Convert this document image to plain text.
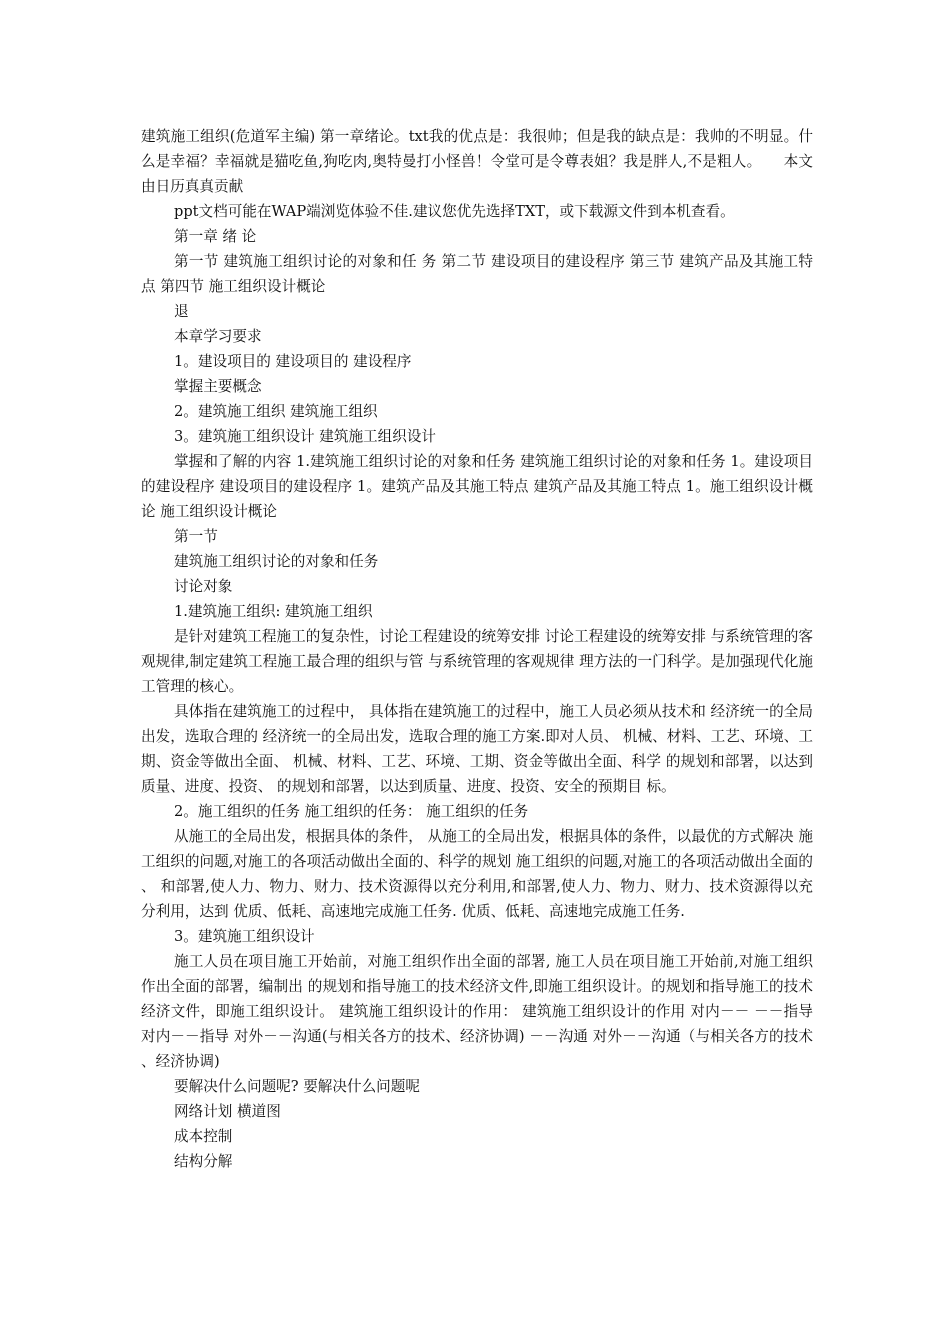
建筑施工组织(危道军主编) 第一章绪论。txt我的优点是：我很帅；但是我的缺点是：我帅的不明显。什么是幸福？幸福就是猫吃鱼,狗吃肉,奥特曼打小怪兽！令堂可是令尊表姐？我是胖人,不是粗人。　　本文由日历真真贡献

ppt文档可能在WAP端浏览体验不佳.建议您优先选择TXT，或下载源文件到本机查看。

第一章 绪 论

第一节 建筑施工组织讨论的对象和任 务 第二节 建设项目的建设程序 第三节 建筑产品及其施工特点 第四节 施工组织设计概论

退

本章学习要求

1。建设项目的 建设项目的 建设程序

掌握主要概念

2。建筑施工组织 建筑施工组织

3。建筑施工组织设计 建筑施工组织设计

掌握和了解的内容 1.建筑施工组织讨论的对象和任务 建筑施工组织讨论的对象和任务 1。建设项目的建设程序 建设项目的建设程序 1。建筑产品及其施工特点 建筑产品及其施工特点 1。施工组织设计概论 施工组织设计概论

第一节

建筑施工组织讨论的对象和任务

讨论对象

1.建筑施工组织: 建筑施工组织

是针对建筑工程施工的复杂性，讨论工程建设的统筹安排 讨论工程建设的统筹安排 与系统管理的客观规律,制定建筑工程施工最合理的组织与管 与系统管理的客观规律 理方法的一门科学。是加强现代化施工管理的核心。

具体指在建筑施工的过程中， 具体指在建筑施工的过程中，施工人员必须从技术和 经济统一的全局出发，选取合理的 经济统一的全局出发，选取合理的施工方案.即对人员、 机械、材料、工艺、环境、工期、资金等做出全面、 机械、材料、工艺、环境、工期、资金等做出全面、科学 的规划和部署，以达到质量、进度、投资、 的规划和部署，以达到质量、进度、投资、安全的预期目 标。

2。施工组织的任务 施工组织的任务： 施工组织的任务

从施工的全局出发，根据具体的条件， 从施工的全局出发，根据具体的条件，以最优的方式解决 施工组织的问题,对施工的各项活动做出全面的、科学的规划 施工组织的问题,对施工的各项活动做出全面的、 和部署,使人力、物力、财力、技术资源得以充分利用,和部署,使人力、物力、财力、技术资源得以充分利用，达到 优质、低耗、高速地完成施工任务. 优质、低耗、高速地完成施工任务.

3。建筑施工组织设计

施工人员在项目施工开始前，对施工组织作出全面的部署, 施工人员在项目施工开始前,对施工组织作出全面的部署，编制出 的规划和指导施工的技术经济文件,即施工组织设计。的规划和指导施工的技术经济文件，即施工组织设计。 建筑施工组织设计的作用： 建筑施工组织设计的作用 对内－－ －－指导 对内－－指导 对外－－沟通(与相关各方的技术、经济协调) －－沟通 对外－－沟通（与相关各方的技术、经济协调)

要解决什么问题呢? 要解决什么问题呢

网络计划 横道图

成本控制

结构分解
